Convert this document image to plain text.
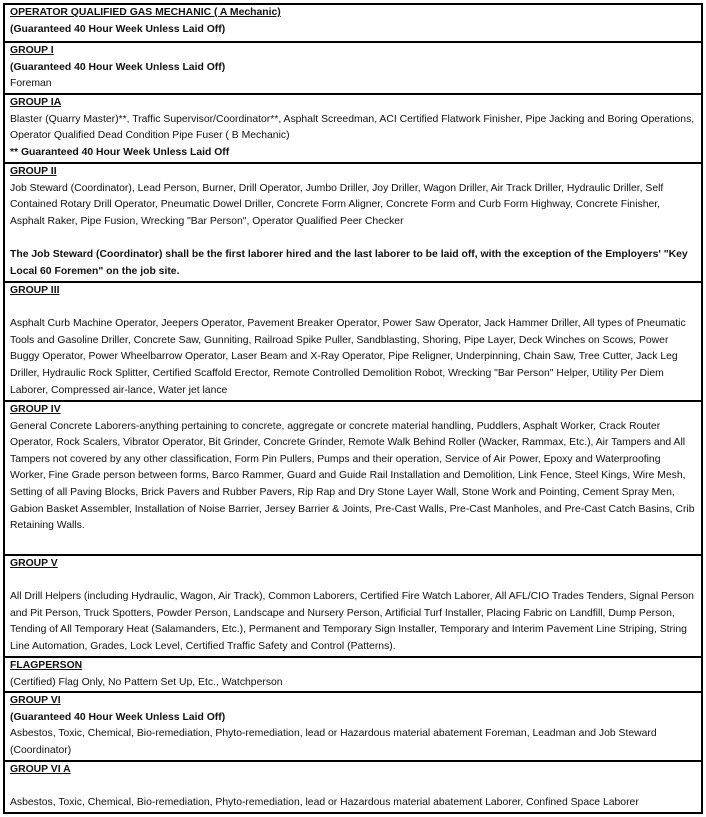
OPERATOR QUALIFIED GAS MECHANIC ( A Mechanic)
(Guaranteed 40 Hour Week Unless Laid Off)
GROUP I
(Guaranteed 40 Hour Week Unless Laid Off)
Foreman
GROUP IA
Blaster (Quarry Master)**, Traffic Supervisor/Coordinator**, Asphalt Screedman, ACI Certified Flatwork Finisher, Pipe Jacking and Boring Operations, Operator Qualified Dead Condition Pipe Fuser ( B Mechanic)
** Guaranteed 40 Hour Week Unless Laid Off
GROUP II
Job Steward (Coordinator), Lead Person, Burner, Drill Operator, Jumbo Driller, Joy Driller, Wagon Driller, Air Track Driller, Hydraulic Driller, Self Contained Rotary Drill Operator, Pneumatic Dowel Driller, Concrete Form Aligner, Concrete Form and Curb Form Highway, Concrete Finisher, Asphalt Raker, Pipe Fusion, Wrecking "Bar Person", Operator Qualified Peer Checker
The Job Steward (Coordinator) shall be the first laborer hired and the last laborer to be laid off, with the exception of the Employers' "Key Local 60 Foremen" on the job site.
GROUP III
Asphalt Curb Machine Operator, Jeepers Operator, Pavement Breaker Operator, Power Saw Operator, Jack Hammer Driller, All types of Pneumatic Tools and Gasoline Driller, Concrete Saw, Gunniting, Railroad Spike Puller, Sandblasting, Shoring, Pipe Layer, Deck Winches on Scows, Power Buggy Operator, Power Wheelbarrow Operator, Laser Beam and X-Ray Operator, Pipe Religner, Underpinning, Chain Saw, Tree Cutter, Jack Leg Driller, Hydraulic Rock Splitter, Certified Scaffold Erector, Remote Controlled Demolition Robot, Wrecking "Bar Person" Helper, Utility Per Diem Laborer, Compressed air-lance, Water jet lance
GROUP IV
General Concrete Laborers-anything pertaining to concrete, aggregate or concrete material handling, Puddlers, Asphalt Worker, Crack Router Operator, Rock Scalers, Vibrator Operator, Bit Grinder, Concrete Grinder, Remote Walk Behind Roller (Wacker, Rammax, Etc.), Air Tampers and All Tampers not covered by any other classification, Form Pin Pullers, Pumps and their operation, Service of Air Power, Epoxy and Waterproofing Worker, Fine Grade person between forms, Barco Rammer, Guard and Guide Rail Installation and Demolition, Link Fence, Steel Kings, Wire Mesh, Setting of all Paving Blocks, Brick Pavers and Rubber Pavers, Rip Rap and Dry Stone Layer Wall, Stone Work and Pointing, Cement Spray Men, Gabion Basket Assembler, Installation of Noise Barrier, Jersey Barrier & Joints, Pre-Cast Walls, Pre-Cast Manholes, and Pre-Cast Catch Basins, Crib Retaining Walls.
GROUP V
All Drill Helpers (including Hydraulic, Wagon, Air Track), Common Laborers, Certified Fire Watch Laborer, All AFL/CIO Trades Tenders, Signal Person and Pit Person, Truck Spotters, Powder Person, Landscape and Nursery Person, Artificial Turf Installer, Placing Fabric on Landfill, Dump Person, Tending of All Temporary Heat (Salamanders, Etc.), Permanent and Temporary Sign Installer, Temporary and Interim Pavement Line Striping, String Line Automation, Grades, Lock Level, Certified Traffic Safety and Control (Patterns).
FLAGPERSON
(Certified) Flag Only, No Pattern Set Up, Etc., Watchperson
GROUP VI
(Guaranteed 40 Hour Week Unless Laid Off)
Asbestos, Toxic, Chemical, Bio-remediation, Phyto-remediation, lead or Hazardous material abatement Foreman, Leadman and Job Steward (Coordinator)
GROUP VI A
Asbestos, Toxic, Chemical, Bio-remediation, Phyto-remediation, lead or Hazardous material abatement Laborer, Confined Space Laborer
